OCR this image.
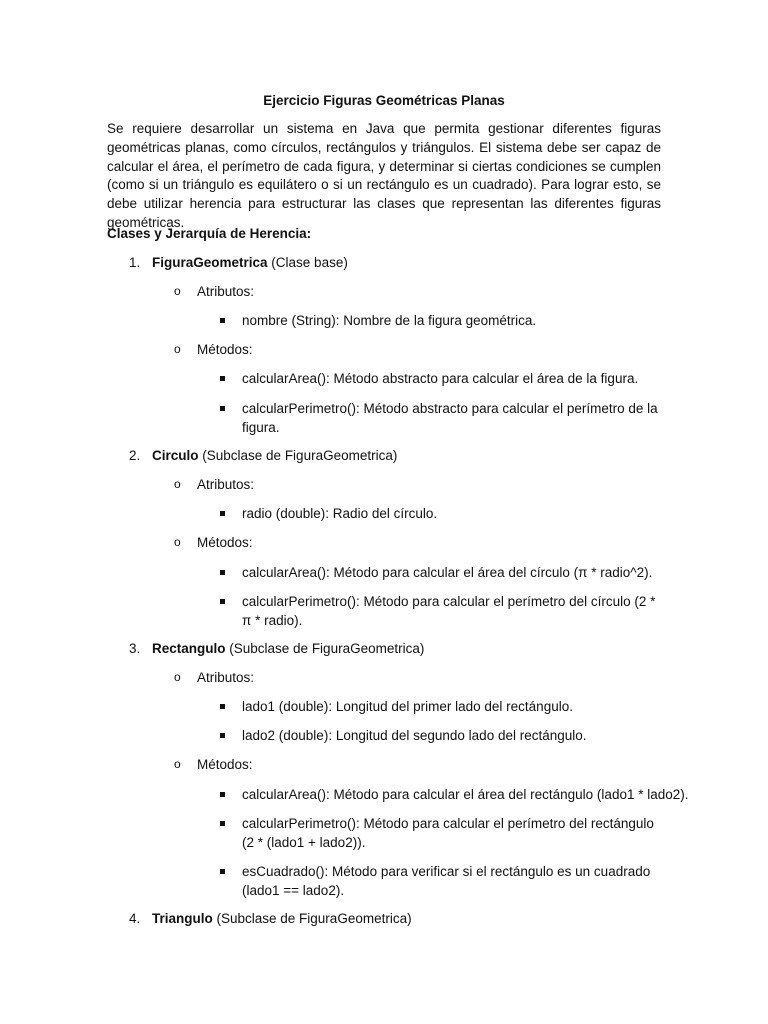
Ejercicio Figuras Geométricas Planas
Se requiere desarrollar un sistema en Java que permita gestionar diferentes figuras geométricas planas, como círculos, rectángulos y triángulos. El sistema debe ser capaz de calcular el área, el perímetro de cada figura, y determinar si ciertas condiciones se cumplen (como si un triángulo es equilátero o si un rectángulo es un cuadrado). Para lograr esto, se debe utilizar herencia para estructurar las clases que representan las diferentes figuras geométricas.
Clases y Jerarquía de Herencia:
1. FiguraGeometrica (Clase base)
o Atributos:
nombre (String): Nombre de la figura geométrica.
o Métodos:
calcularArea(): Método abstracto para calcular el área de la figura.
calcularPerimetro(): Método abstracto para calcular el perímetro de la figura.
2. Circulo (Subclase de FiguraGeometrica)
o Atributos:
radio (double): Radio del círculo.
o Métodos:
calcularArea(): Método para calcular el área del círculo (π * radio^2).
calcularPerimetro(): Método para calcular el perímetro del círculo (2 * π * radio).
3. Rectangulo (Subclase de FiguraGeometrica)
o Atributos:
lado1 (double): Longitud del primer lado del rectángulo.
lado2 (double): Longitud del segundo lado del rectángulo.
o Métodos:
calcularArea(): Método para calcular el área del rectángulo (lado1 * lado2).
calcularPerimetro(): Método para calcular el perímetro del rectángulo (2 * (lado1 + lado2)).
esCuadrado(): Método para verificar si el rectángulo es un cuadrado (lado1 == lado2).
4. Triangulo (Subclase de FiguraGeometrica)
